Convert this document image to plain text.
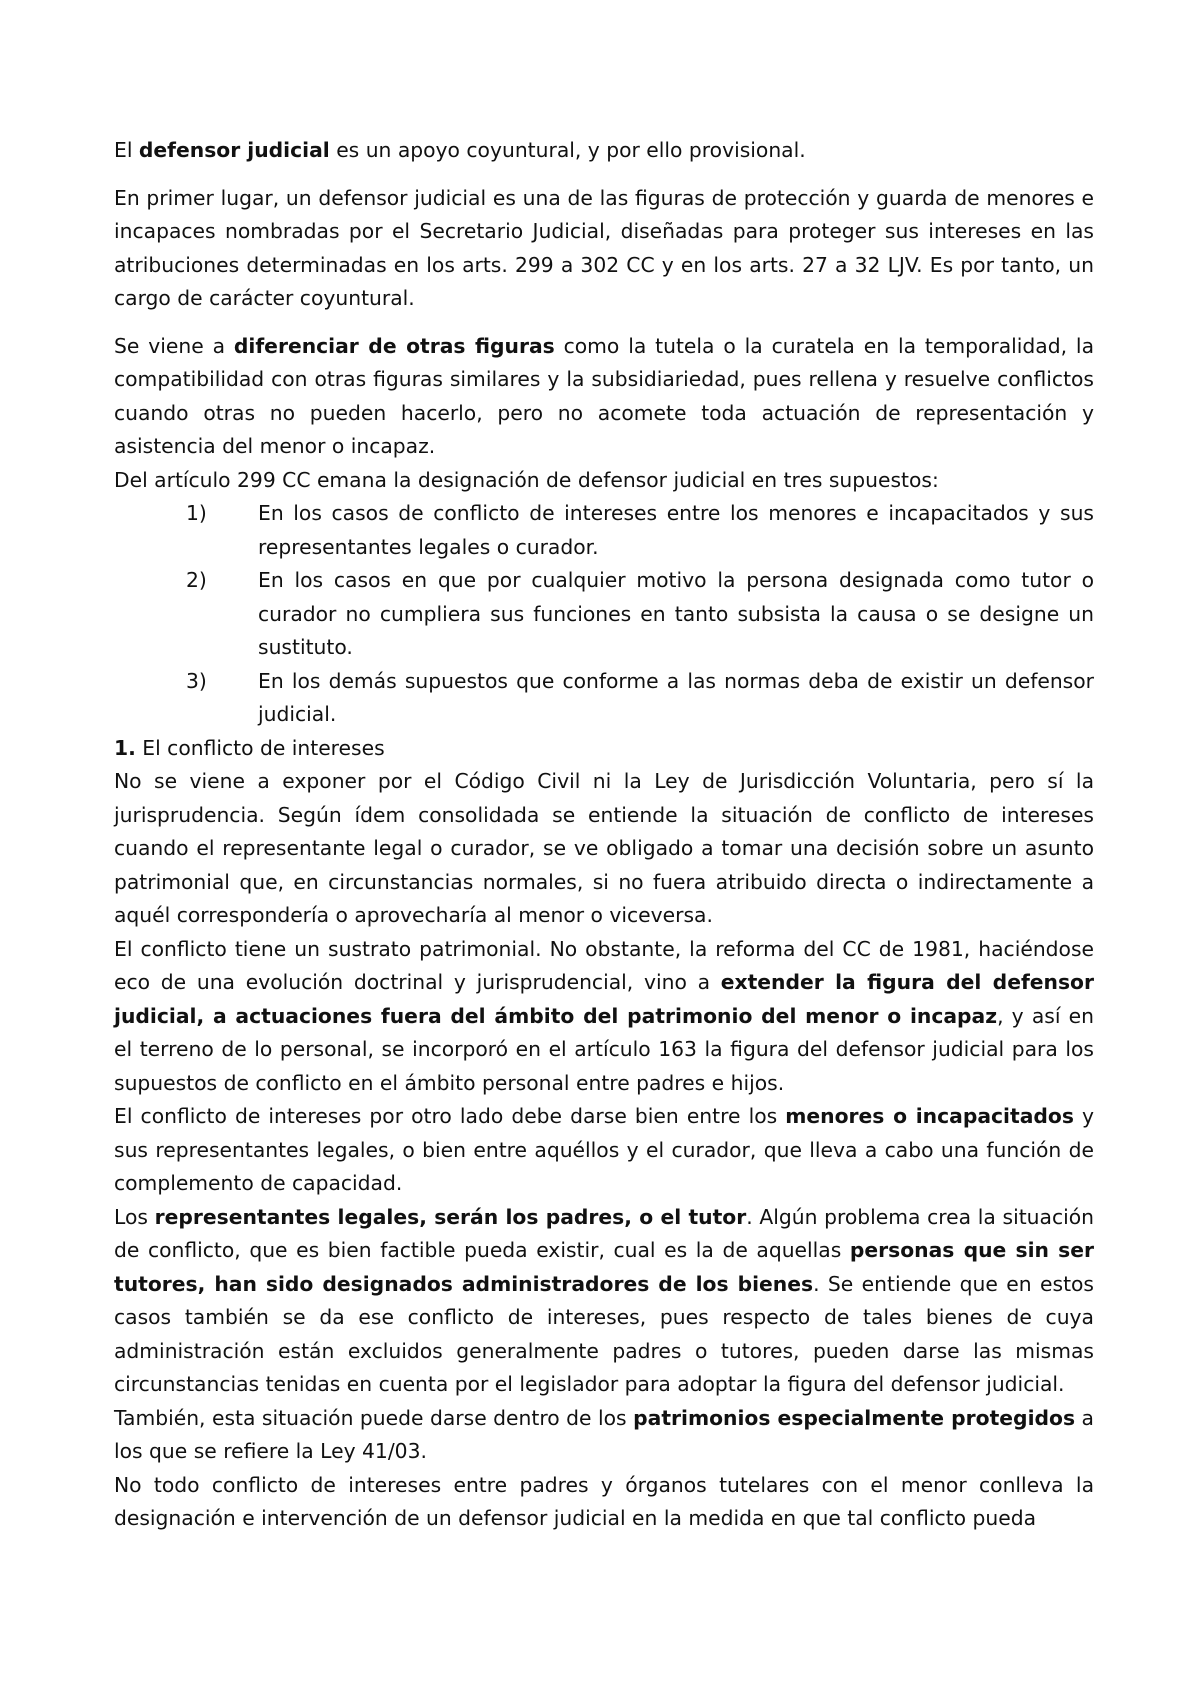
El defensor judicial es un apoyo coyuntural, y por ello provisional.

En primer lugar, un defensor judicial es una de las figuras de protección y guarda de menores e incapaces nombradas por el Secretario Judicial, diseñadas para proteger sus intereses en las atribuciones determinadas en los arts. 299 a 302 CC y en los arts. 27 a 32 LJV. Es por tanto, un cargo de carácter coyuntural.

Se viene a diferenciar de otras figuras como la tutela o la curatela en la temporalidad, la compatibilidad con otras figuras similares y la subsidiariedad, pues rellena y resuelve conflictos cuando otras no pueden hacerlo, pero no acomete toda actuación de representación y asistencia del menor o incapaz.

Del artículo 299 CC emana la designación de defensor judicial en tres supuestos:

1)	En los casos de conflicto de intereses entre los menores e incapacitados y sus representantes legales o curador.

2)	En los casos en que por cualquier motivo la persona designada como tutor o curador no cumpliera sus funciones en tanto subsista la causa o se designe un sustituto.

3)	En los demás supuestos que conforme a las normas deba de existir un defensor judicial.

1. El conflicto de intereses

No se viene a exponer por el Código Civil ni la Ley de Jurisdicción Voluntaria, pero sí la jurisprudencia. Según ídem consolidada se entiende la situación de conflicto de intereses cuando el representante legal o curador, se ve obligado a tomar una decisión sobre un asunto patrimonial que, en circunstancias normales, si no fuera atribuido directa o indirectamente a aquél correspondería o aprovecharía al menor o viceversa.

El conflicto tiene un sustrato patrimonial. No obstante, la reforma del CC de 1981, haciéndose eco de una evolución doctrinal y jurisprudencial, vino a extender la figura del defensor judicial, a actuaciones fuera del ámbito del patrimonio del menor o incapaz, y así en el terreno de lo personal, se incorporó en el artículo 163 la figura del defensor judicial para los supuestos de conflicto en el ámbito personal entre padres e hijos.

El conflicto de intereses por otro lado debe darse bien entre los menores o incapacitados y sus representantes legales, o bien entre aquéllos y el curador, que lleva a cabo una función de complemento de capacidad.

Los representantes legales, serán los padres, o el tutor. Algún problema crea la situación de conflicto, que es bien factible pueda existir, cual es la de aquellas personas que sin ser tutores, han sido designados administradores de los bienes. Se entiende que en estos casos también se da ese conflicto de intereses, pues respecto de tales bienes de cuya administración están excluidos generalmente padres o tutores, pueden darse las mismas circunstancias tenidas en cuenta por el legislador para adoptar la figura del defensor judicial.

También, esta situación puede darse dentro de los patrimonios especialmente protegidos a los que se refiere la Ley 41/03.

No todo conflicto de intereses entre padres y órganos tutelares con el menor conlleva la designación e intervención de un defensor judicial en la medida en que tal conflicto pueda
